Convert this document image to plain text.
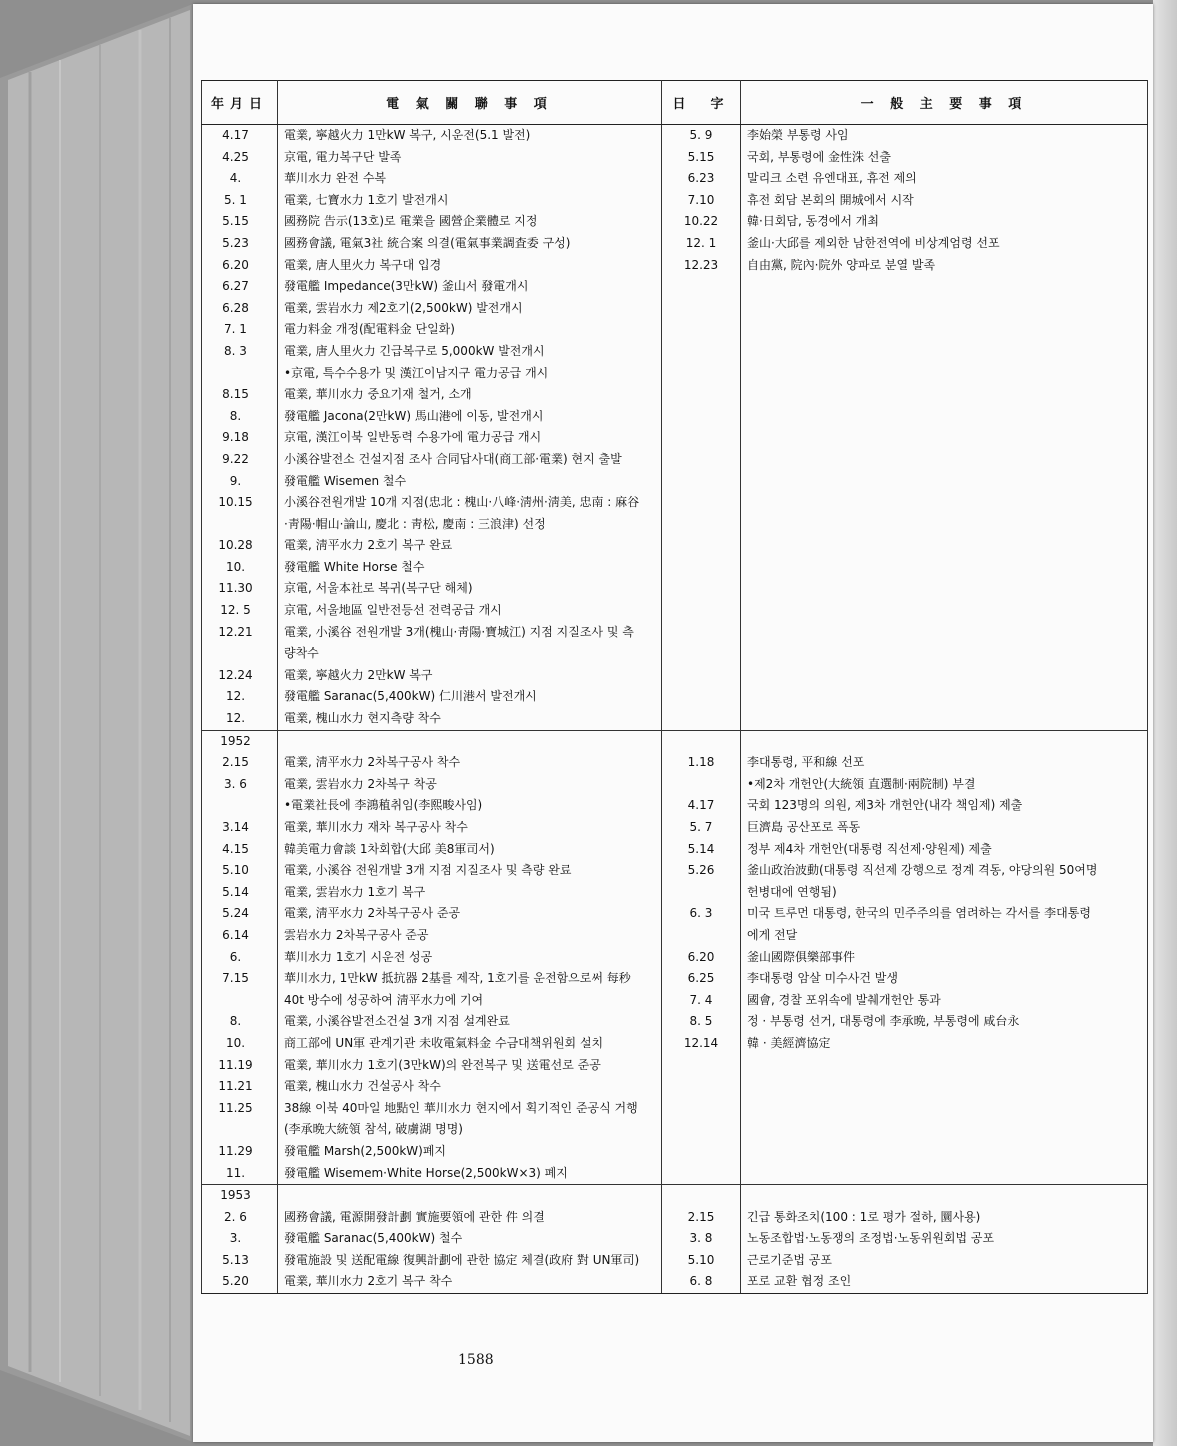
年月日	電 氣 關 聯 事 項	日　字	一 般 主 要 事 項
4.17	電業, 寧越火力 1만kW 복구, 시운전(5.1 발전)	5. 9	李始榮 부통령 사임
4.25	京電, 電力복구단 발족	5.15	국회, 부통령에 金性洙 선출
4.	華川水力 완전 수복	6.23	말리크 소련 유엔대표, 휴전 제의
5. 1	電業, 七寶水力 1호기 발전개시	7.10	휴전 회담 본회의 開城에서 시작
5.15	國務院 告示(13호)로 電業을 國營企業體로 지정	10.22	韓·日회담, 동경에서 개최
5.23	國務會議, 電氣3社 統合案 의결(電氣事業調査委 구성)	12. 1	釜山·大邱를 제외한 남한전역에 비상계엄령 선포
6.20	電業, 唐人里火力 복구대 입경	12.23	自由黨, 院內·院外 양파로 분열 발족
6.27	發電艦 Impedance(3만kW) 釜山서 發電개시		
6.28	電業, 雲岩水力 제2호기(2,500kW) 발전개시		
7. 1	電力料金 개정(配電料金 단일화)		
8. 3	電業, 唐人里火力 긴급복구로 5,000kW 발전개시		
	•京電, 특수수용가 및 漢江이남지구 電力공급 개시		
8.15	電業, 華川水力 중요기재 철거, 소개		
8.	發電艦 Jacona(2만kW) 馬山港에 이동, 발전개시		
9.18	京電, 漢江이북 일반동력 수용가에 電力공급 개시		
9.22	小溪谷발전소 건설지점 조사 合同답사대(商工部·電業) 현지 출발		
9.	發電艦 Wisemen 철수		
10.15	小溪谷전원개발 10개 지점(忠北 : 槐山·八峰·淸州·淸美, 忠南 : 麻谷		
	·靑陽·帽山·論山, 慶北 : 靑松, 慶南 : 三浪津) 선정		
10.28	電業, 淸平水力 2호기 복구 완료		
10.	發電艦 White Horse 철수		
11.30	京電, 서울本社로 복귀(복구단 해체)		
12. 5	京電, 서울地區 일반전등선 전력공급 개시		
12.21	電業, 小溪谷 전원개발 3개(槐山·靑陽·寶城江) 지점 지질조사 및 측		
	량착수		
12.24	電業, 寧越火力 2만kW 복구		
12.	發電艦 Saranac(5,400kW) 仁川港서 발전개시		
12.	電業, 槐山水力 현지측량 착수		
1952			
2.15	電業, 淸平水力 2차복구공사 착수	1.18	李대통령, 平和線 선포
3. 6	電業, 雲岩水力 2차복구 착공		•제2차 개헌안(大統領 直選制·兩院制) 부결
	•電業社長에 李鴻稙취임(李熙畯사임)	4.17	국회 123명의 의원, 제3차 개헌안(내각 책임제) 제출
3.14	電業, 華川水力 재차 복구공사 착수	5. 7	巨濟島 공산포로 폭동
4.15	韓美電力會談 1차회합(大邱 美8軍司서)	5.14	정부 제4차 개헌안(대통령 직선제·양원제) 제출
5.10	電業, 小溪谷 전원개발 3개 지점 지질조사 및 측량 완료	5.26	釜山政治波動(대통령 직선제 강행으로 정계 격동, 야당의원 50여명
5.14	電業, 雲岩水力 1호기 복구		헌병대에 연행됨)
5.24	電業, 淸平水力 2차복구공사 준공	6. 3	미국 트루먼 대통령, 한국의 민주주의를 염려하는 각서를 李대통령
6.14	雲岩水力 2차복구공사 준공		에게 전달
6.	華川水力 1호기 시운전 성공	6.20	釜山國際俱樂部事件
7.15	華川水力, 1만kW 抵抗器 2基를 제작, 1호기를 운전함으로써 每秒	6.25	李대통령 암살 미수사건 발생
	40t 방수에 성공하여 淸平水力에 기여	7. 4	國會, 경찰 포위속에 발췌개헌안 통과
8.	電業, 小溪谷발전소건설 3개 지점 설계완료	8. 5	정 · 부통령 선거, 대통령에 李承晩, 부통령에 咸台永
10.	商工部에 UN軍 관계기관 未收電氣料金 수금대책위원회 설치	12.14	韓 · 美經濟協定
11.19	電業, 華川水力 1호기(3만kW)의 완전복구 및 送電선로 준공		
11.21	電業, 槐山水力 건설공사 착수		
11.25	38線 이북 40마일 地點인 華川水力 현지에서 획기적인 준공식 거행		
	(李承晩大統領 참석, 破虜湖 명명)		
11.29	發電艦 Marsh(2,500kW)폐지		
11.	發電艦 Wisemem·White Horse(2,500kW×3) 폐지		
1953			
2. 6	國務會議, 電源開發計劃 實施要領에 관한 件 의결	2.15	긴급 통화조치(100 : 1로 평가 절하, 圜사용)
3.	發電艦 Saranac(5,400kW) 철수	3. 8	노동조합법·노동쟁의 조정법·노동위원회법 공포
5.13	發電施設 및 送配電線 復興計劃에 관한 協定 체결(政府 對 UN軍司)	5.10	근로기준법 공포
5.20	電業, 華川水力 2호기 복구 착수	6. 8	포로 교환 협정 조인
1588
